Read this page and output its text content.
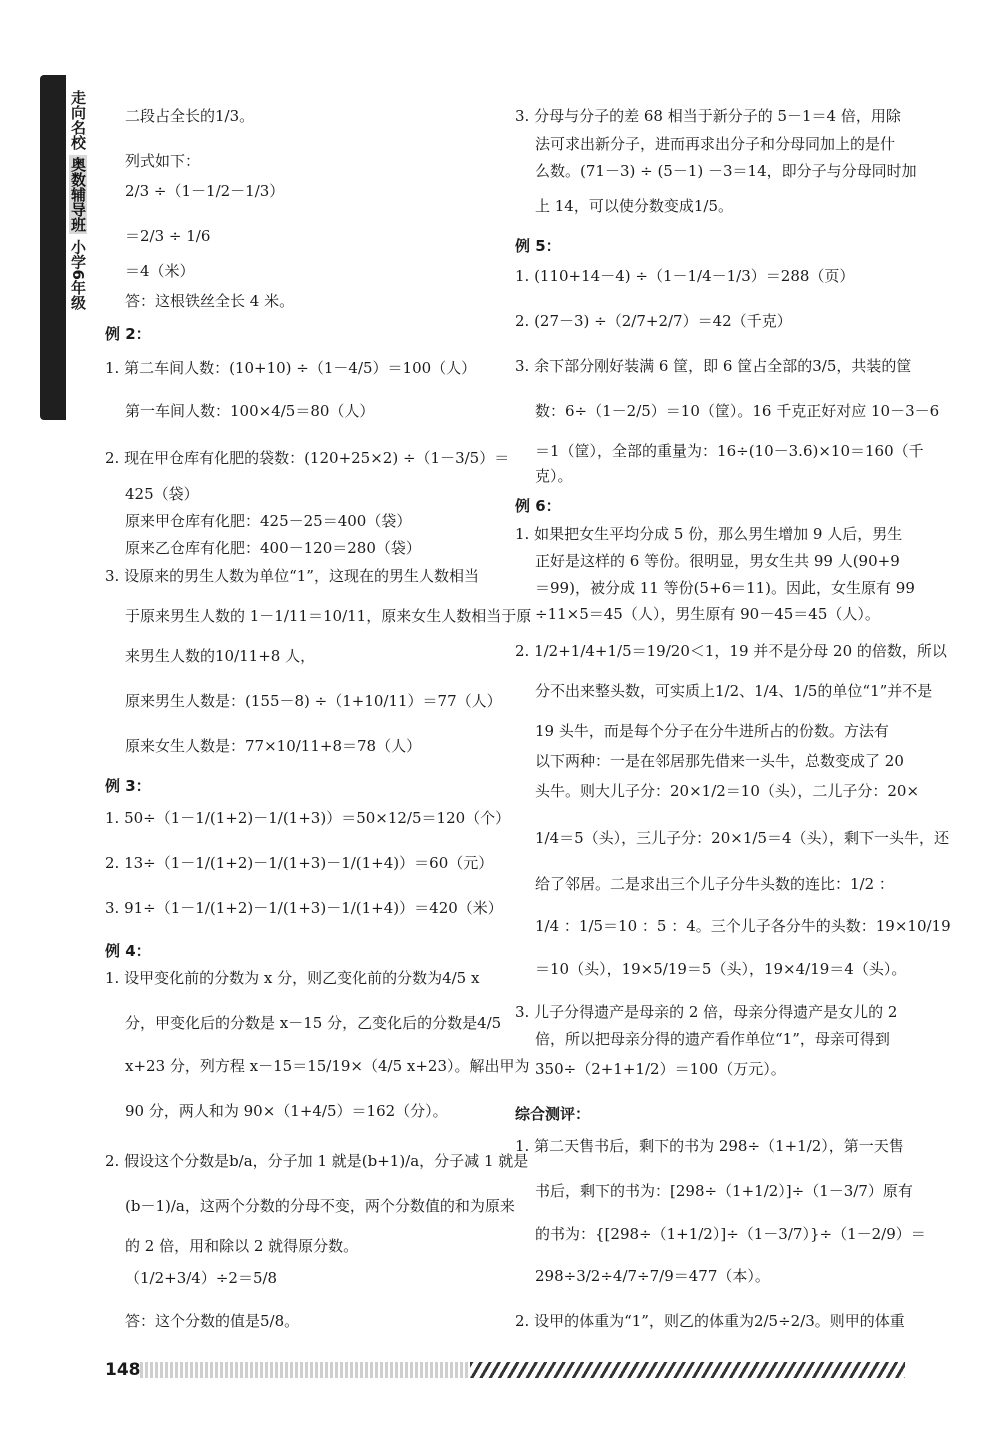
走向名校 奥数辅导班 小学6年级
二段占全长的1/3。
列式如下：
2/3 ÷（1－1/2－1/3）
＝2/3 ÷ 1/6
＝4（米）
答：这根铁丝全长 4 米。
例 2：
1. 第二车间人数：(10+10) ÷（1－4/5）＝100（人）
第一车间人数：100×4/5＝80（人）
2. 现在甲仓库有化肥的袋数：(120+25×2) ÷（1－3/5）＝
425（袋）
原来甲仓库有化肥：425－25＝400（袋）
原来乙仓库有化肥：400－120＝280（袋）
3. 设原来的男生人数为单位“1”，这现在的男生人数相当
于原来男生人数的 1－1/11＝10/11，原来女生人数相当于原
来男生人数的10/11+8 人，
原来男生人数是：(155－8) ÷（1+10/11）＝77（人）
原来女生人数是：77×10/11+8＝78（人）
例 3：
1. 50÷（1－1/(1+2)－1/(1+3)）＝50×12/5＝120（个）
2. 13÷（1－1/(1+2)－1/(1+3)－1/(1+4)）＝60（元）
3. 91÷（1－1/(1+2)－1/(1+3)－1/(1+4)）＝420（米）
例 4：
1. 设甲变化前的分数为 x 分，则乙变化前的分数为4/5 x
分，甲变化后的分数是 x－15 分，乙变化后的分数是4/5
x+23 分，列方程 x－15＝15/19×（4/5 x+23）。解出甲为
90 分，两人和为 90×（1+4/5）＝162（分）。
2. 假设这个分数是b/a，分子加 1 就是(b+1)/a，分子减 1 就是
(b－1)/a，这两个分数的分母不变，两个分数值的和为原来
的 2 倍，用和除以 2 就得原分数。
（1/2+3/4）÷2＝5/8
答：这个分数的值是5/8。
3. 分母与分子的差 68 相当于新分子的 5－1＝4 倍，用除
法可求出新分子，进而再求出分子和分母同加上的是什
么数。(71－3) ÷ (5－1) －3＝14，即分子与分母同时加
上 14，可以使分数变成1/5。
例 5：
1. (110+14－4) ÷（1－1/4－1/3）＝288（页）
2. (27－3) ÷（2/7+2/7）＝42（千克）
3. 余下部分刚好装满 6 筐，即 6 筐占全部的3/5，共装的筐
数：6÷（1－2/5）＝10（筐）。16 千克正好对应 10－3－6
＝1（筐），全部的重量为：16÷(10－3.6)×10＝160（千
克）。
例 6：
1. 如果把女生平均分成 5 份，那么男生增加 9 人后，男生
正好是这样的 6 等份。很明显，男女生共 99 人(90+9
＝99)，被分成 11 等份(5+6＝11)。因此，女生原有 99
÷11×5＝45（人），男生原有 90－45＝45（人）。
2. 1/2+1/4+1/5＝19/20＜1，19 并不是分母 20 的倍数，所以
分不出来整头数，可实质上1/2、1/4、1/5的单位“1”并不是
19 头牛，而是每个分子在分牛进所占的份数。方法有
以下两种：一是在邻居那先借来一头牛，总数变成了 20
头牛。则大儿子分：20×1/2＝10（头），二儿子分：20×
1/4＝5（头），三儿子分：20×1/5＝4（头），剩下一头牛，还
给了邻居。二是求出三个儿子分牛头数的连比：1/2 ：
1/4 ：1/5＝10 ：5 ：4。三个儿子各分牛的头数：19×10/19
＝10（头），19×5/19＝5（头），19×4/19＝4（头）。
3. 儿子分得遗产是母亲的 2 倍，母亲分得遗产是女儿的 2
倍，所以把母亲分得的遗产看作单位“1”，母亲可得到
350÷（2+1+1/2）＝100（万元）。
综合测评：
1. 第二天售书后，剩下的书为 298÷（1+1/2），第一天售
书后，剩下的书为：[298÷（1+1/2）]÷（1－3/7）原有
的书为：{[298÷（1+1/2）]÷（1－3/7）}÷（1－2/9）＝
298÷3/2÷4/7÷7/9＝477（本）。
2. 设甲的体重为“1”，则乙的体重为2/5÷2/3。则甲的体重
148
